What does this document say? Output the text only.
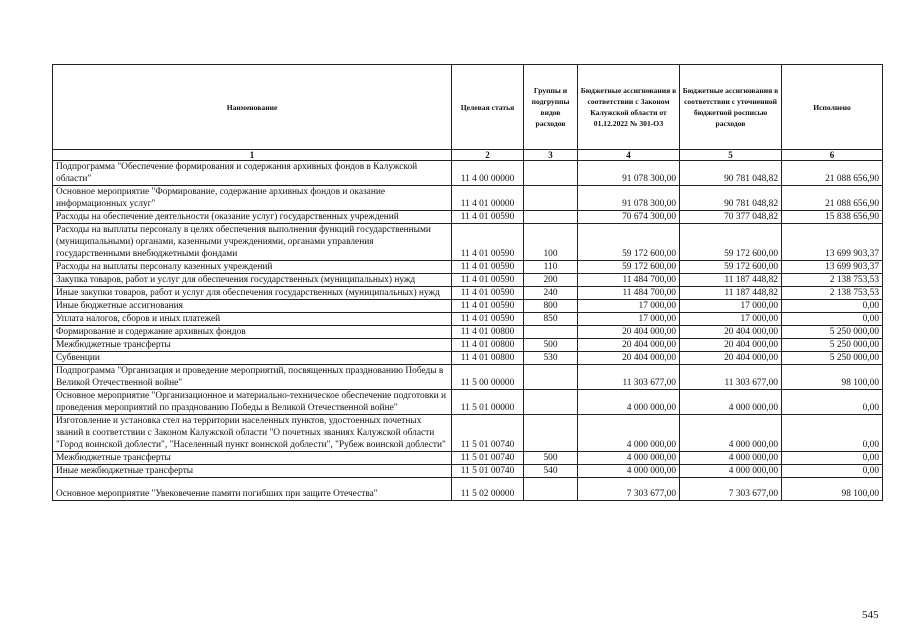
Наименование	Целевая статья	Группы и подгруппы видов расходов	Бюджетные ассигнования в соответствии с Законом Калужской области от 01.12.2022 № 301-ОЗ	Бюджетные ассигнования в соответствии с уточненной бюджетной росписью расходов	Исполнено
1	2	3	4	5	6
Подпрограмма "Обеспечение формирования и содержания архивных фондов в Калужской области"	11 4 00 00000		91 078 300,00	90 781 048,82	21 088 656,90
Основное мероприятие "Формирование, содержание архивных фондов и оказание информационных услуг"	11 4 01 00000		91 078 300,00	90 781 048,82	21 088 656,90
Расходы на обеспечение деятельности (оказание услуг) государственных учреждений	11 4 01 00590		70 674 300,00	70 377 048,82	15 838 656,90
Расходы на выплаты персоналу в целях обеспечения выполнения функций государственными (муниципальными) органами, казенными учреждениями, органами управления государственными внебюджетными фондами	11 4 01 00590	100	59 172 600,00	59 172 600,00	13 699 903,37
Расходы на выплаты персоналу казенных учреждений	11 4 01 00590	110	59 172 600,00	59 172 600,00	13 699 903,37
Закупка товаров, работ и услуг для обеспечения государственных (муниципальных) нужд	11 4 01 00590	200	11 484 700,00	11 187 448,82	2 138 753,53
Иные закупки товаров, работ и услуг для обеспечения государственных (муниципальных) нужд	11 4 01 00590	240	11 484 700,00	11 187 448,82	2 138 753,53
Иные бюджетные ассигнования	11 4 01 00590	800	17 000,00	17 000,00	0,00
Уплата налогов, сборов и иных платежей	11 4 01 00590	850	17 000,00	17 000,00	0,00
Формирование и содержание архивных фондов	11 4 01 00800		20 404 000,00	20 404 000,00	5 250 000,00
Межбюджетные трансферты	11 4 01 00800	500	20 404 000,00	20 404 000,00	5 250 000,00
Субвенции	11 4 01 00800	530	20 404 000,00	20 404 000,00	5 250 000,00
Подпрограмма "Организация и проведение мероприятий, посвященных празднованию Победы в Великой Отечественной войне"	11 5 00 00000		11 303 677,00	11 303 677,00	98 100,00
Основное мероприятие "Организационное и материально-техническое обеспечение подготовки и проведения мероприятий по празднованию Победы в Великой Отечественной войне"	11 5 01 00000		4 000 000,00	4 000 000,00	0,00
Изготовление и установка стел на территории населенных пунктов, удостоенных почетных званий в соответствии с Законом Калужской области "О почетных званиях Калужской области "Город воинской доблести", "Населенный пункт воинской доблести", "Рубеж воинской доблести"	11 5 01 00740		4 000 000,00	4 000 000,00	0,00
Межбюджетные трансферты	11 5 01 00740	500	4 000 000,00	4 000 000,00	0,00
Иные межбюджетные трансферты	11 5 01 00740	540	4 000 000,00	4 000 000,00	0,00
Основное мероприятие "Увековечение памяти погибших при защите Отечества"	11 5 02 00000		7 303 677,00	7 303 677,00	98 100,00
545
